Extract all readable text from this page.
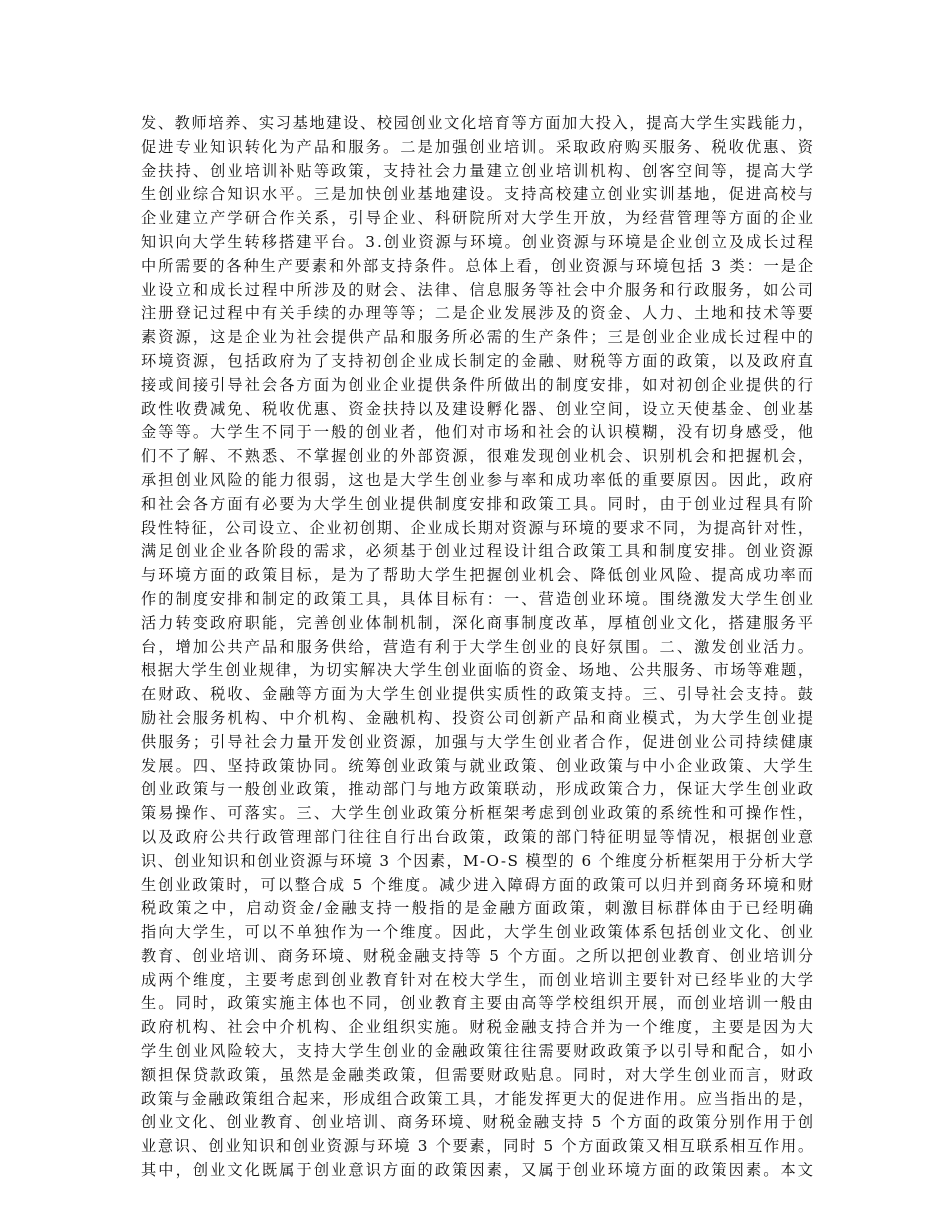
发、教师培养、实习基地建设、校园创业文化培育等方面加大投入，提高大学生实践能力，
促进专业知识转化为产品和服务。二是加强创业培训。采取政府购买服务、税收优惠、资
金扶持、创业培训补贴等政策，支持社会力量建立创业培训机构、创客空间等，提高大学
生创业综合知识水平。三是加快创业基地建设。支持高校建立创业实训基地，促进高校与
企业建立产学研合作关系，引导企业、科研院所对大学生开放，为经营管理等方面的企业
知识向大学生转移搭建平台。3.创业资源与环境。创业资源与环境是企业创立及成长过程
中所需要的各种生产要素和外部支持条件。总体上看，创业资源与环境包括 3 类：一是企
业设立和成长过程中所涉及的财会、法律、信息服务等社会中介服务和行政服务，如公司
注册登记过程中有关手续的办理等等；二是企业发展涉及的资金、人力、土地和技术等要
素资源，这是企业为社会提供产品和服务所必需的生产条件；三是创业企业成长过程中的
环境资源，包括政府为了支持初创企业成长制定的金融、财税等方面的政策，以及政府直
接或间接引导社会各方面为创业企业提供条件所做出的制度安排，如对初创企业提供的行
政性收费减免、税收优惠、资金扶持以及建设孵化器、创业空间，设立天使基金、创业基
金等等。大学生不同于一般的创业者，他们对市场和社会的认识模糊，没有切身感受，他
们不了解、不熟悉、不掌握创业的外部资源，很难发现创业机会、识别机会和把握机会，
承担创业风险的能力很弱，这也是大学生创业参与率和成功率低的重要原因。因此，政府
和社会各方面有必要为大学生创业提供制度安排和政策工具。同时，由于创业过程具有阶
段性特征，公司设立、企业初创期、企业成长期对资源与环境的要求不同，为提高针对性，
满足创业企业各阶段的需求，必须基于创业过程设计组合政策工具和制度安排。创业资源
与环境方面的政策目标，是为了帮助大学生把握创业机会、降低创业风险、提高成功率而
作的制度安排和制定的政策工具，具体目标有：一、营造创业环境。围绕激发大学生创业
活力转变政府职能，完善创业体制机制，深化商事制度改革，厚植创业文化，搭建服务平
台，增加公共产品和服务供给，营造有利于大学生创业的良好氛围。二、激发创业活力。
根据大学生创业规律，为切实解决大学生创业面临的资金、场地、公共服务、市场等难题，
在财政、税收、金融等方面为大学生创业提供实质性的政策支持。三、引导社会支持。鼓
励社会服务机构、中介机构、金融机构、投资公司创新产品和商业模式，为大学生创业提
供服务；引导社会力量开发创业资源，加强与大学生创业者合作，促进创业公司持续健康
发展。四、坚持政策协同。统筹创业政策与就业政策、创业政策与中小企业政策、大学生
创业政策与一般创业政策，推动部门与地方政策联动，形成政策合力，保证大学生创业政
策易操作、可落实。三、大学生创业政策分析框架考虑到创业政策的系统性和可操作性，
以及政府公共行政管理部门往往自行出台政策，政策的部门特征明显等情况，根据创业意
识、创业知识和创业资源与环境 3 个因素，M-O-S 模型的 6 个维度分析框架用于分析大学
生创业政策时，可以整合成 5 个维度。减少进入障碍方面的政策可以归并到商务环境和财
税政策之中，启动资金/金融支持一般指的是金融方面政策，刺激目标群体由于已经明确
指向大学生，可以不单独作为一个维度。因此，大学生创业政策体系包括创业文化、创业
教育、创业培训、商务环境、财税金融支持等 5 个方面。之所以把创业教育、创业培训分
成两个维度，主要考虑到创业教育针对在校大学生，而创业培训主要针对已经毕业的大学
生。同时，政策实施主体也不同，创业教育主要由高等学校组织开展，而创业培训一般由
政府机构、社会中介机构、企业组织实施。财税金融支持合并为一个维度，主要是因为大
学生创业风险较大，支持大学生创业的金融政策往往需要财政政策予以引导和配合，如小
额担保贷款政策，虽然是金融类政策，但需要财政贴息。同时，对大学生创业而言，财政
政策与金融政策组合起来，形成组合政策工具，才能发挥更大的促进作用。应当指出的是，
创业文化、创业教育、创业培训、商务环境、财税金融支持 5 个方面的政策分别作用于创
业意识、创业知识和创业资源与环境 3 个要素，同时 5 个方面政策又相互联系相互作用。
其中，创业文化既属于创业意识方面的政策因素，又属于创业环境方面的政策因素。本文
